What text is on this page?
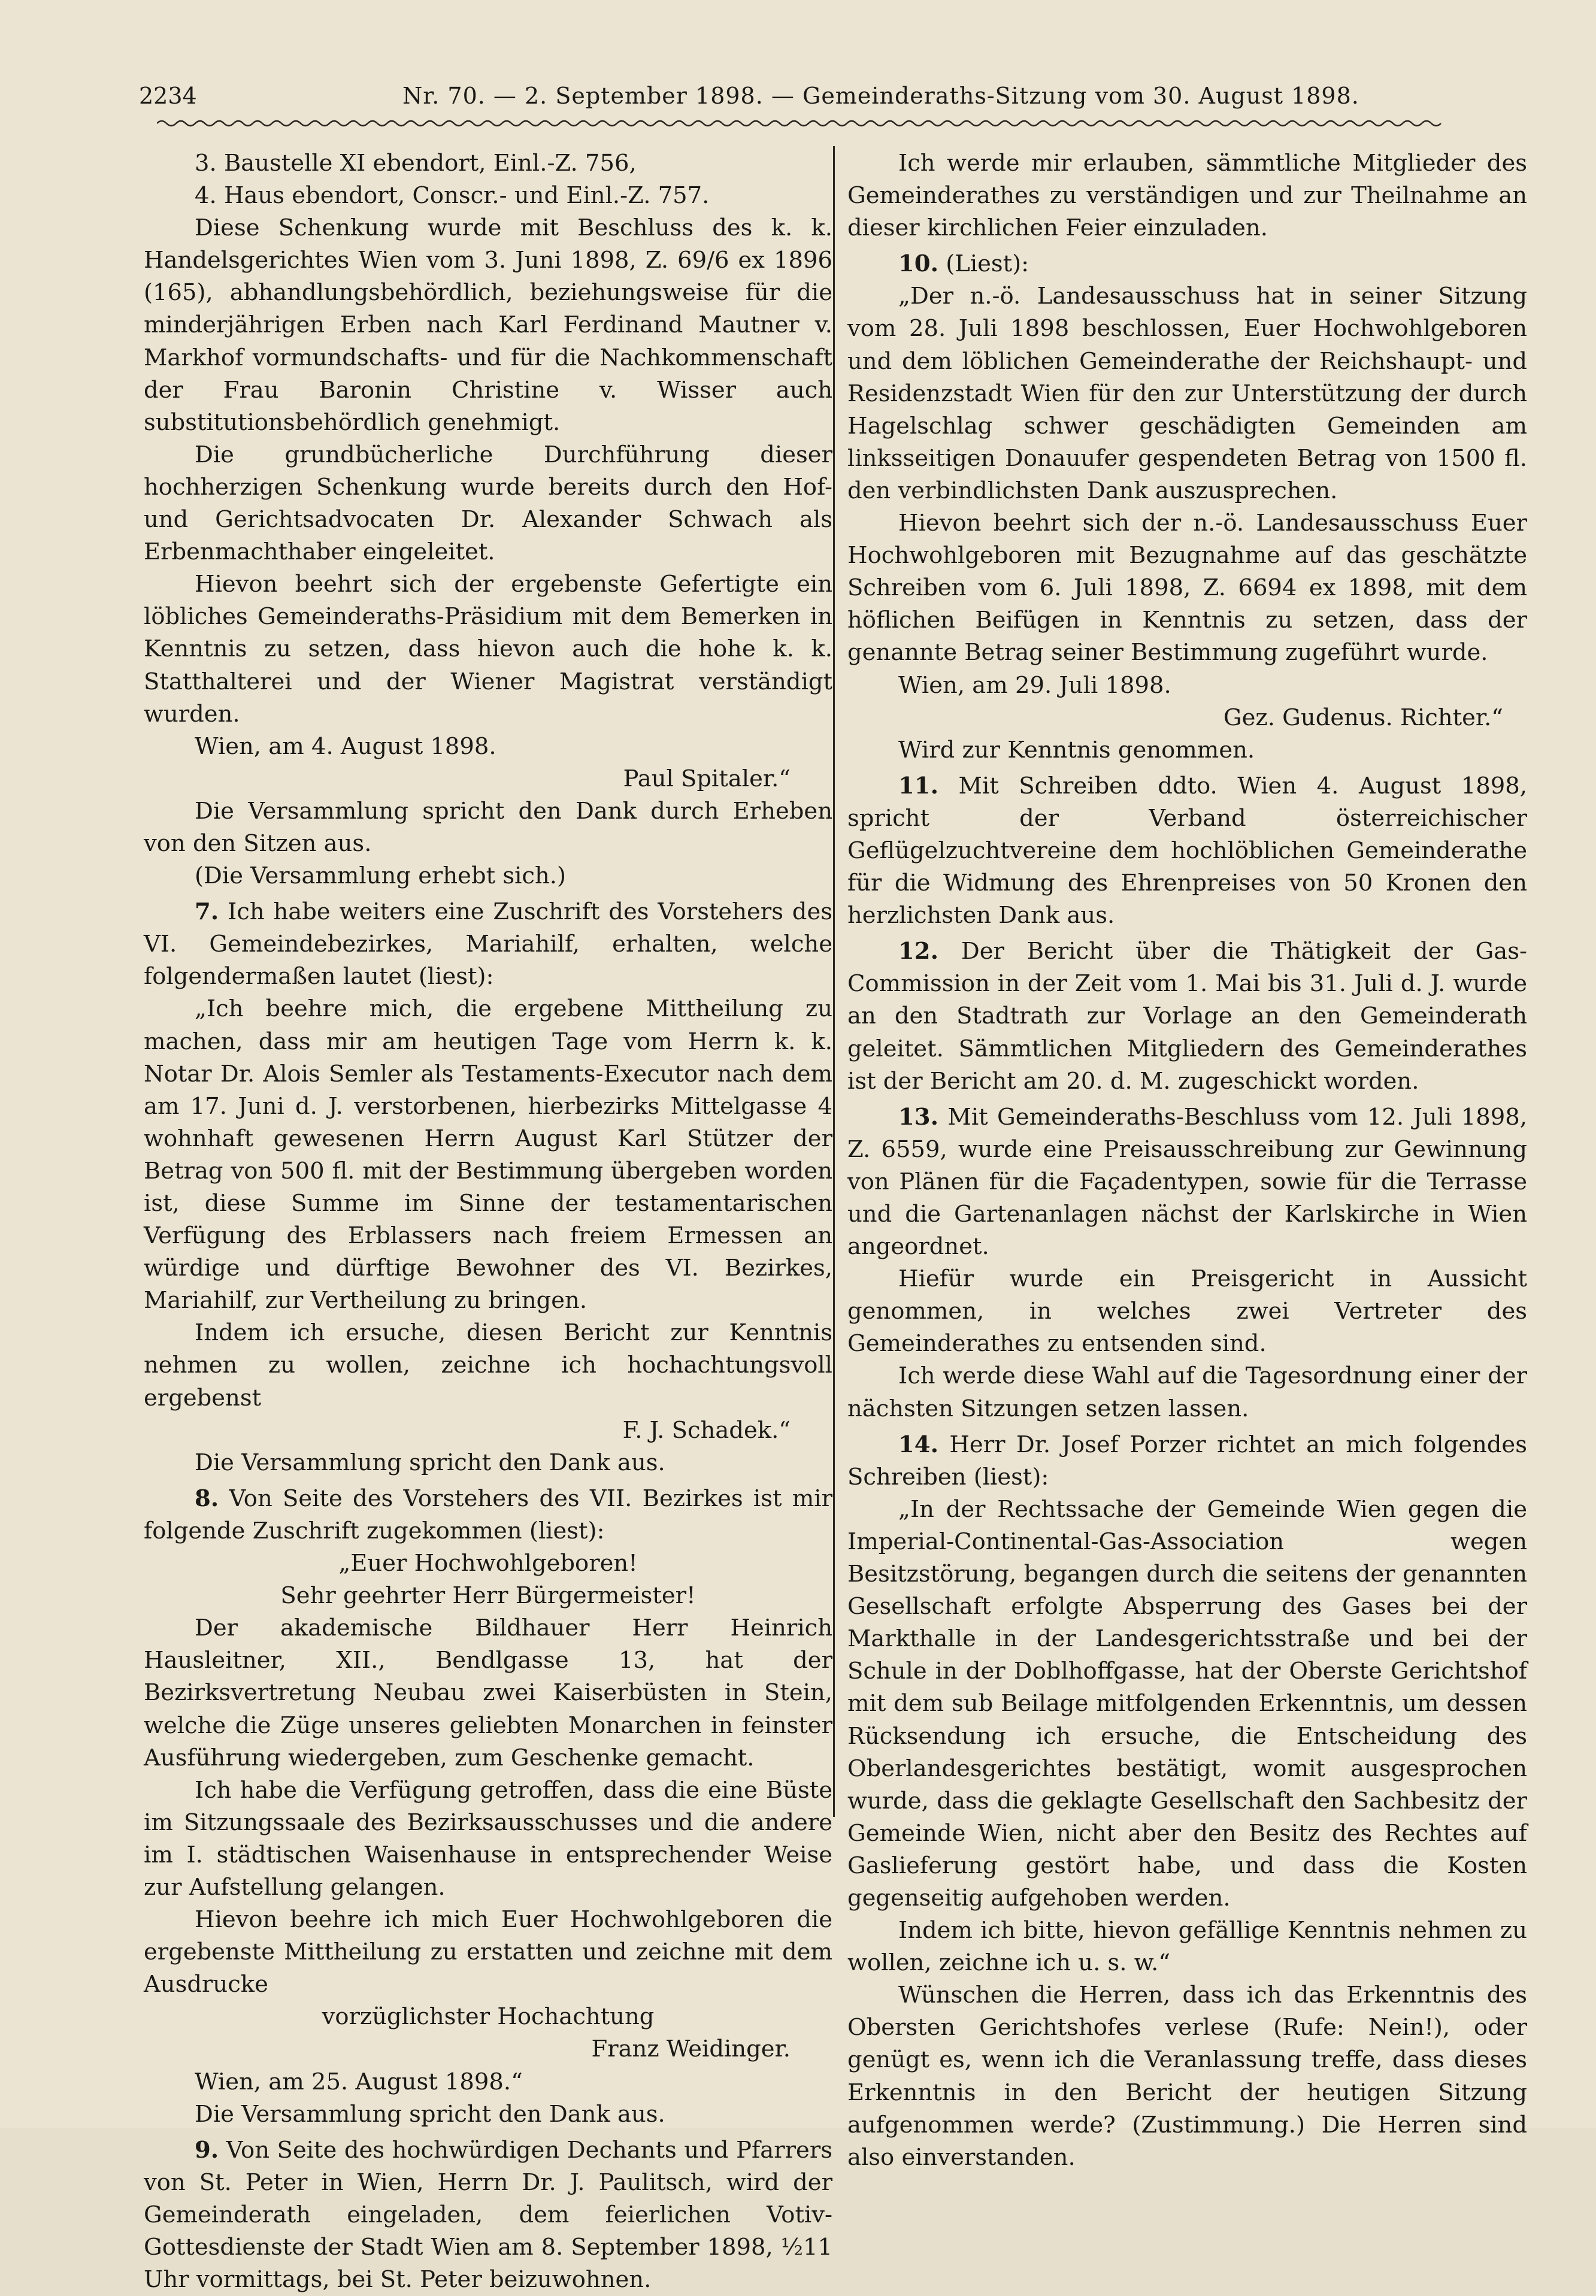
2234	Nr. 70. — 2. September 1898. — Gemeinderaths-Sitzung vom 30. August 1898.

3. Baustelle XI ebendort, Einl.-Z. 756,

4. Haus ebendort, Conscr.- und Einl.-Z. 757.

Diese Schenkung wurde mit Beschluss des k. k. Handelsgerichtes Wien vom 3. Juni 1898, Z. 69/6 ex 1896 (165), abhandlungsbehördlich, beziehungsweise für die minderjährigen Erben nach Karl Ferdinand Mautner v. Markhof vormundschafts- und für die Nachkommenschaft der Frau Baronin Christine v. Wisser auch substitutionsbehördlich genehmigt.

Die grundbücherliche Durchführung dieser hochherzigen Schenkung wurde bereits durch den Hof- und Gerichtsadvocaten Dr. Alexander Schwach als Erbenmachthaber eingeleitet.

Hievon beehrt sich der ergebenste Gefertigte ein löbliches Gemeinderaths-Präsidium mit dem Bemerken in Kenntnis zu setzen, dass hievon auch die hohe k. k. Statthalterei und der Wiener Magistrat verständigt wurden.

Wien, am 4. August 1898.

Paul Spitaler.“

Die Versammlung spricht den Dank durch Erheben von den Sitzen aus.

(Die Versammlung erhebt sich.)

7. Ich habe weiters eine Zuschrift des Vorstehers des VI. Gemeindebezirkes, Mariahilf, erhalten, welche folgendermaßen lautet (liest):

„Ich beehre mich, die ergebene Mittheilung zu machen, dass mir am heutigen Tage vom Herrn k. k. Notar Dr. Alois Semler als Testaments-Executor nach dem am 17. Juni d. J. verstorbenen, hierbezirks Mittelgasse 4 wohnhaft gewesenen Herrn August Karl Stützer der Betrag von 500 fl. mit der Bestimmung übergeben worden ist, diese Summe im Sinne der testamentarischen Verfügung des Erblassers nach freiem Ermessen an würdige und dürftige Bewohner des VI. Bezirkes, Mariahilf, zur Vertheilung zu bringen.

Indem ich ersuche, diesen Bericht zur Kenntnis nehmen zu wollen, zeichne ich hochachtungsvoll ergebenst

F. J. Schadek.“

Die Versammlung spricht den Dank aus.

8. Von Seite des Vorstehers des VII. Bezirkes ist mir folgende Zuschrift zugekommen (liest):

„Euer Hochwohlgeboren!

Sehr geehrter Herr Bürgermeister!

Der akademische Bildhauer Herr Heinrich Hausleitner, XII., Bendlgasse 13, hat der Bezirksvertretung Neubau zwei Kaiserbüsten in Stein, welche die Züge unseres geliebten Monarchen in feinster Ausführung wiedergeben, zum Geschenke gemacht.

Ich habe die Verfügung getroffen, dass die eine Büste im Sitzungssaale des Bezirksausschusses und die andere im I. städtischen Waisenhause in entsprechender Weise zur Aufstellung gelangen.

Hievon beehre ich mich Euer Hochwohlgeboren die ergebenste Mittheilung zu erstatten und zeichne mit dem Ausdrucke

vorzüglichster Hochachtung

Franz Weidinger.

Wien, am 25. August 1898.“

Die Versammlung spricht den Dank aus.

9. Von Seite des hochwürdigen Dechants und Pfarrers von St. Peter in Wien, Herrn Dr. J. Paulitsch, wird der Gemeinderath eingeladen, dem feierlichen Votiv-Gottesdienste der Stadt Wien am 8. September 1898, ½11 Uhr vormittags, bei St. Peter beizuwohnen.

Ich werde mir erlauben, sämmtliche Mitglieder des Gemeinderathes zu verständigen und zur Theilnahme an dieser kirchlichen Feier einzuladen.

10. (Liest):

„Der n.-ö. Landesausschuss hat in seiner Sitzung vom 28. Juli 1898 beschlossen, Euer Hochwohlgeboren und dem löblichen Gemeinderathe der Reichshaupt- und Residenzstadt Wien für den zur Unterstützung der durch Hagelschlag schwer geschädigten Gemeinden am linksseitigen Donauufer gespendeten Betrag von 1500 fl. den verbindlichsten Dank auszusprechen.

Hievon beehrt sich der n.-ö. Landesausschuss Euer Hochwohlgeboren mit Bezugnahme auf das geschätzte Schreiben vom 6. Juli 1898, Z. 6694 ex 1898, mit dem höflichen Beifügen in Kenntnis zu setzen, dass der genannte Betrag seiner Bestimmung zugeführt wurde.

Wien, am 29. Juli 1898.

Gez. Gudenus. Richter.“

Wird zur Kenntnis genommen.

11. Mit Schreiben ddto. Wien 4. August 1898, spricht der Verband österreichischer Geflügelzuchtvereine dem hochlöblichen Gemeinderathe für die Widmung des Ehrenpreises von 50 Kronen den herzlichsten Dank aus.

12. Der Bericht über die Thätigkeit der Gas-Commission in der Zeit vom 1. Mai bis 31. Juli d. J. wurde an den Stadtrath zur Vorlage an den Gemeinderath geleitet. Sämmtlichen Mitgliedern des Gemeinderathes ist der Bericht am 20. d. M. zugeschickt worden.

13. Mit Gemeinderaths-Beschluss vom 12. Juli 1898, Z. 6559, wurde eine Preisausschreibung zur Gewinnung von Plänen für die Façadentypen, sowie für die Terrasse und die Gartenanlagen nächst der Karlskirche in Wien angeordnet.

Hiefür wurde ein Preisgericht in Aussicht genommen, in welches zwei Vertreter des Gemeinderathes zu entsenden sind.

Ich werde diese Wahl auf die Tagesordnung einer der nächsten Sitzungen setzen lassen.

14. Herr Dr. Josef Porzer richtet an mich folgendes Schreiben (liest):

„In der Rechtssache der Gemeinde Wien gegen die Imperial-Continental-Gas-Association wegen Besitzstörung, begangen durch die seitens der genannten Gesellschaft erfolgte Absperrung des Gases bei der Markthalle in der Landesgerichtsstraße und bei der Schule in der Doblhoffgasse, hat der Oberste Gerichtshof mit dem sub Beilage mitfolgenden Erkenntnis, um dessen Rücksendung ich ersuche, die Entscheidung des Oberlandesgerichtes bestätigt, womit ausgesprochen wurde, dass die geklagte Gesellschaft den Sachbesitz der Gemeinde Wien, nicht aber den Besitz des Rechtes auf Gaslieferung gestört habe, und dass die Kosten gegenseitig aufgehoben werden.

Indem ich bitte, hievon gefällige Kenntnis nehmen zu wollen, zeichne ich u. s. w.“

Wünschen die Herren, dass ich das Erkenntnis des Obersten Gerichtshofes verlese (Rufe: Nein!), oder genügt es, wenn ich die Veranlassung treffe, dass dieses Erkenntnis in den Bericht der heutigen Sitzung aufgenommen werde? (Zustimmung.) Die Herren sind also einverstanden.
